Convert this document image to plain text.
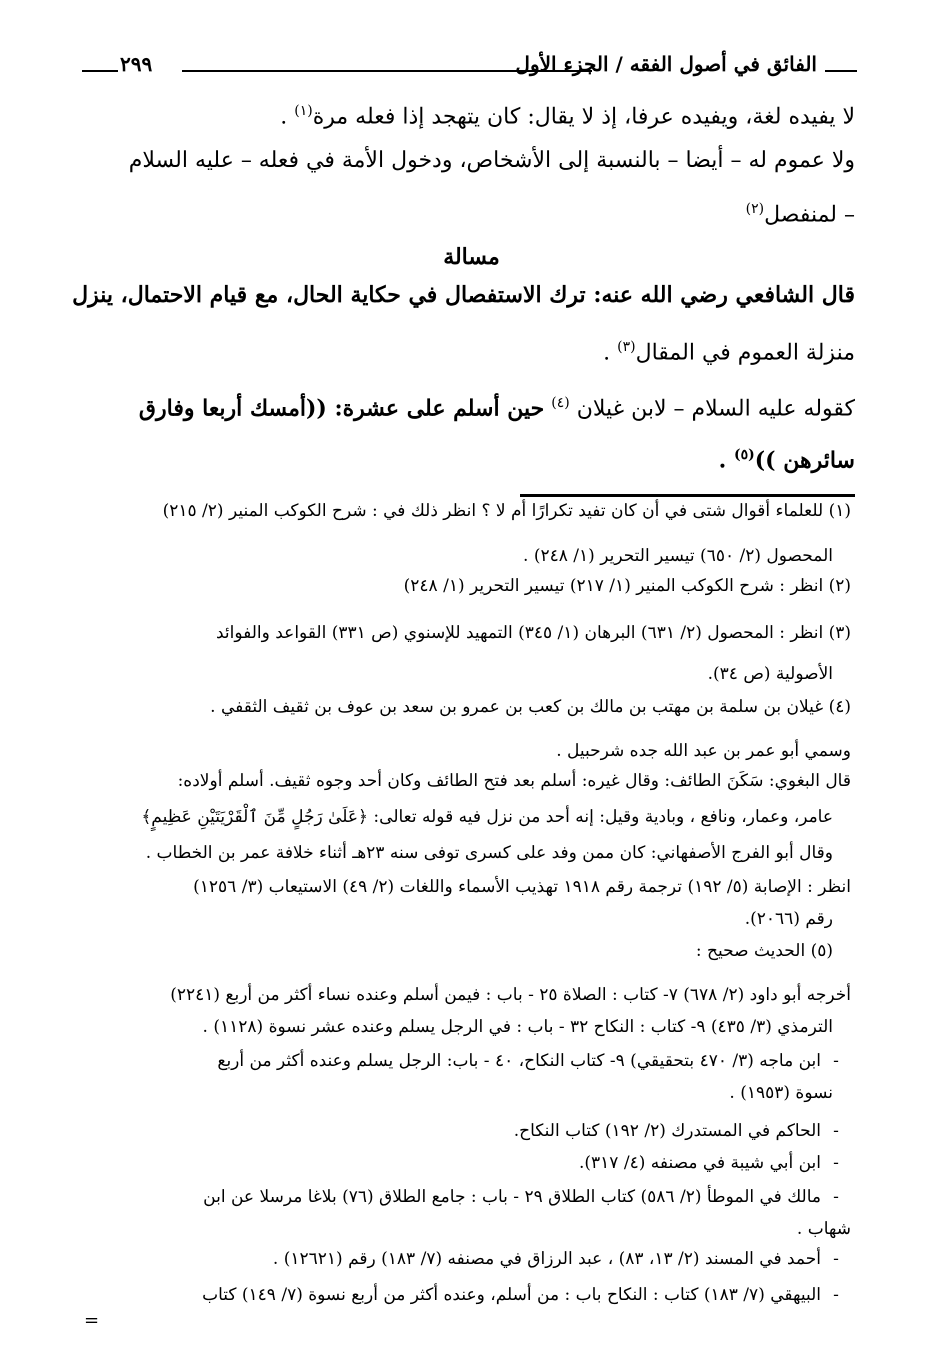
٢٩٩	الفائق في أصول الفقه / الجزء الأول
لا يفيده لغة، ويفيده عرفا، إذ لا يقال: كان يتهجد إذا فعله مرة$^{(١)}$ .
ولا عموم له – أيضا – بالنسبة إلى الأشخاص، ودخول الأمة في فعله – عليه السلام
– لمنفصل$^{(٢)}$
قال الشافعي رضي الله عنه: ترك الاستفصال في حكاية الحال، مع قيام الاحتمال، ينزل
منزلة العموم في المقال$^{(٣)}$ .
كقوله عليه السلام – لابن غيلان $^{(٤)}$ حين أسلم على عشرة: ((أمسك أربعا وفارق
سائرهن ))$^{(٥)}$ .
مسالة
(١) للعلماء أقوال شتى في أن كان تفيد تكرارًا أم لا ؟ انظر ذلك في : شرح الكوكب المنير (٢/ ٢١٥)
المحصول (٢/ ٦٥٠) تيسير التحرير (١/ ٢٤٨) .
(٢) انظر : شرح الكوكب المنير (١/ ٢١٧) تيسير التحرير (١/ ٢٤٨)
(٣) انظر : المحصول (٢/ ٦٣١) البرهان (١/ ٣٤٥) التمهيد للإسنوي (ص ٣٣١) القواعد والفوائد
الأصولية (ص ٣٤).
(٤) غيلان بن سلمة بن مهتب بن مالك بن كعب بن عمرو بن سعد بن عوف بن ثقيف الثقفي .
وسمي أبو عمر بن عبد الله جده شرحبيل .
قال البغوي: سَكَنَ الطائف: وقال غيره: أسلم بعد فتح الطائف وكان أحد وجوه ثقيف. أسلم أولاده:
عامر، وعمار، ونافع ، وبادية وقيل: إنه أحد من نزل فيه قوله تعالى: ﴿عَلَىٰ رَجُلٍ مِّنَ ٱلْقَرْيَتَيْنِ عَظِيمٍ﴾
وقال أبو الفرج الأصفهاني: كان ممن وفد على كسرى توفى سنه ٢٣هـ أثناء خلافة عمر بن الخطاب .
انظر : الإصابة (٥/ ١٩٢) ترجمة رقم ١٩١٨ تهذيب الأسماء واللغات (٢/ ٤٩) الاستيعاب (٣/ ١٢٥٦)
رقم (٢٠٦٦).
(٥) الحديث صحيح :
أخرجه أبو داود (٢/ ٦٧٨) ٧- كتاب : الصلاة ٢٥ - باب : فيمن أسلم وعنده نساء أكثر من أربع (٢٢٤١)
الترمذي (٣/ ٤٣٥) ٩- كتاب : النكاح ٣٢ - باب : في الرجل يسلم وعنده عشر نسوة (١١٢٨) .
-ابن ماجه (٣/ ٤٧٠ بتحقيقي) ٩- كتاب النكاح، ٤٠ - باب: الرجل يسلم وعنده أكثر من أربع
نسوة (١٩٥٣) .
-الحاكم في المستدرك (٢/ ١٩٢) كتاب النكاح.
-ابن أبي شيبة في مصنفه (٤/ ٣١٧).
-مالك في الموطأ (٢/ ٥٨٦) كتاب الطلاق ٢٩ - باب : جامع الطلاق (٧٦) بلاغا مرسلا عن ابن
شهاب .
-أحمد في المسند (٢/ ١٣، ٨٣) ، عبد الرزاق في مصنفه (٧/ ١٨٣) رقم (١٢٦٢١) .
-البيهقي (٧/ ١٨٣) كتاب : النكاح باب : من أسلم، وعنده أكثر من أربع نسوة (٧/ ١٤٩) كتاب
=
